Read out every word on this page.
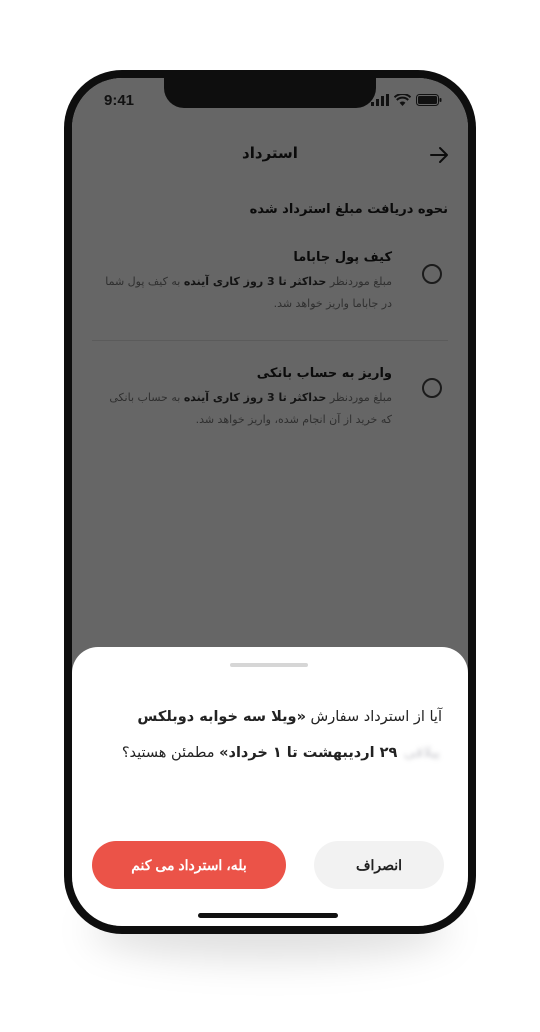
9:41
آیا از استرداد سفارش «ویلا سه خوابه دوبلکس ییلاقی ۲۹ اردیبهشت تا ۱ خرداد» مطمئن هستید؟
انصراف
بله، استرداد می کنم
